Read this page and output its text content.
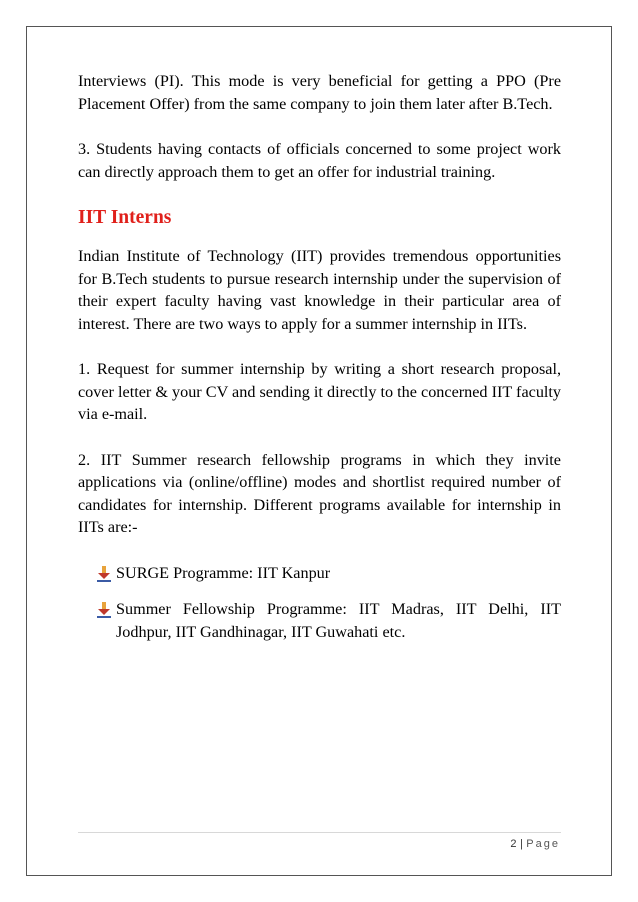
Interviews (PI). This mode is very beneficial for getting a PPO (Pre Placement Offer) from the same company to join them later after B.Tech.

3. Students having contacts of officials concerned to some project work can directly approach them to get an offer for industrial training.

IIT Interns

Indian Institute of Technology (IIT) provides tremendous opportunities for B.Tech students to pursue research internship under the supervision of their expert faculty having vast knowledge in their particular area of interest. There are two ways to apply for a summer internship in IITs.

1. Request for summer internship by writing a short research proposal, cover letter & your CV and sending it directly to the concerned IIT faculty via e-mail.

2. IIT Summer research fellowship programs in which they invite applications via (online/offline) modes and shortlist required number of candidates for internship. Different programs available for internship in IITs are:-

SURGE Programme: IIT Kanpur
Summer Fellowship Programme: IIT Madras, IIT Delhi, IIT Jodhpur, IIT Gandhinagar, IIT Guwahati etc.
2 | Page
